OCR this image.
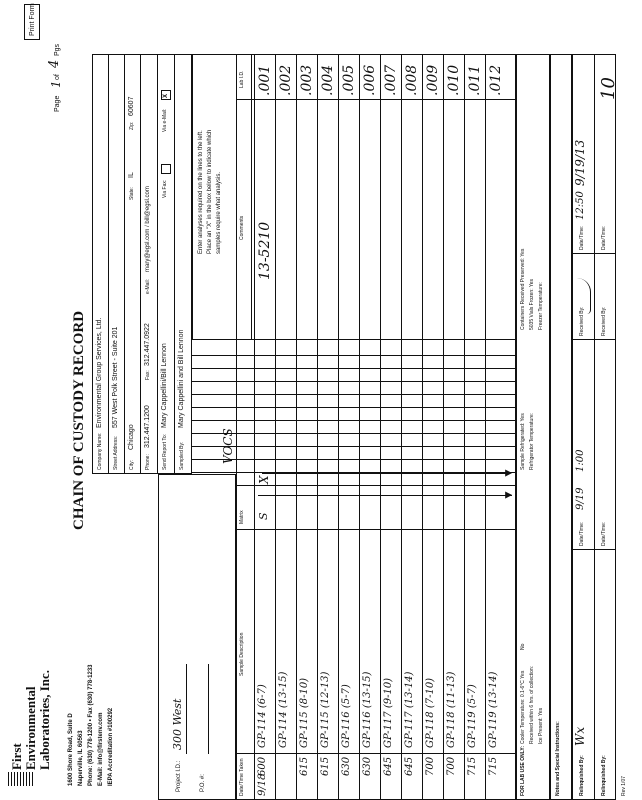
Print Form
Page
1
of
4
Pgs
CHAIN OF CUSTODY RECORD
First Environmental Laboratories, Inc.	1600 Shore Road, Suite D Naperville, IL 60563 Phone: (630) 778-1200 • Fax (630) 778-1233 E-Mail: info@firstenv.com IEPA Accreditation #100292
Company Name:
Environmental Group Services, Ltd.
Street Address:
557 West Polk Street - Suite 201
City:
Chicago
State:
IL
Zip:
60607
Phone:
312.447.1200
Fax:
312.447.0922
e-Mail:
mary@egsl.com / bill@egsl.com
Send Report To:
Mary Cappellini/Bill Lennon
Via Fax:
Via e-Mail:
X
Sampled By:
Mary Cappellini and Bill Lennon
Enter analyses required on the lines to the left. Place an "X" in the box below to indicate which samples require what analysis.
Project I.D.:
300 West
P.O. #:
VOCS
Date/Time Taken
Sample Description
Matrix
Comments
Lab I.D.
9/18
600
GP-114 (6-7)
S
X
13-5210
.001
GP-114 (13-15)
.002
615
GP-115 (8-10)
.003
615
GP-115 (12-13)
.004
630
GP-116 (5-7)
.005
630
GP-116 (13-15)
.006
645
GP-117 (9-10)
.007
645
GP-117 (13-14)
.008
700
GP-118 (7-10)
.009
700
GP-118 (11-13)
.010
715
GP-119 (5-7)
.011
715
GP-119 (13-14)
.012
▼
▼
FOR LAB USE ONLY:
Cooler Temperature: 0.1-6°C Yes
No
Received within 6 hrs. of collection: Ice Present: Yes
Sample Refrigerated: Yes Refrigerator Temperature:
Containers Received Preserved: Yes 5035 Vials Frozen: Yes Freezer Temperature:
Notes and Special Instructions:	Relinquished By:
Wx
Date/Time:
9/19
1:00
Received By:
Date/Time:
9/19/13
12:50
Relinquished By:
Date/Time:
Received By:
Date/Time:
Rev 1/07
10
